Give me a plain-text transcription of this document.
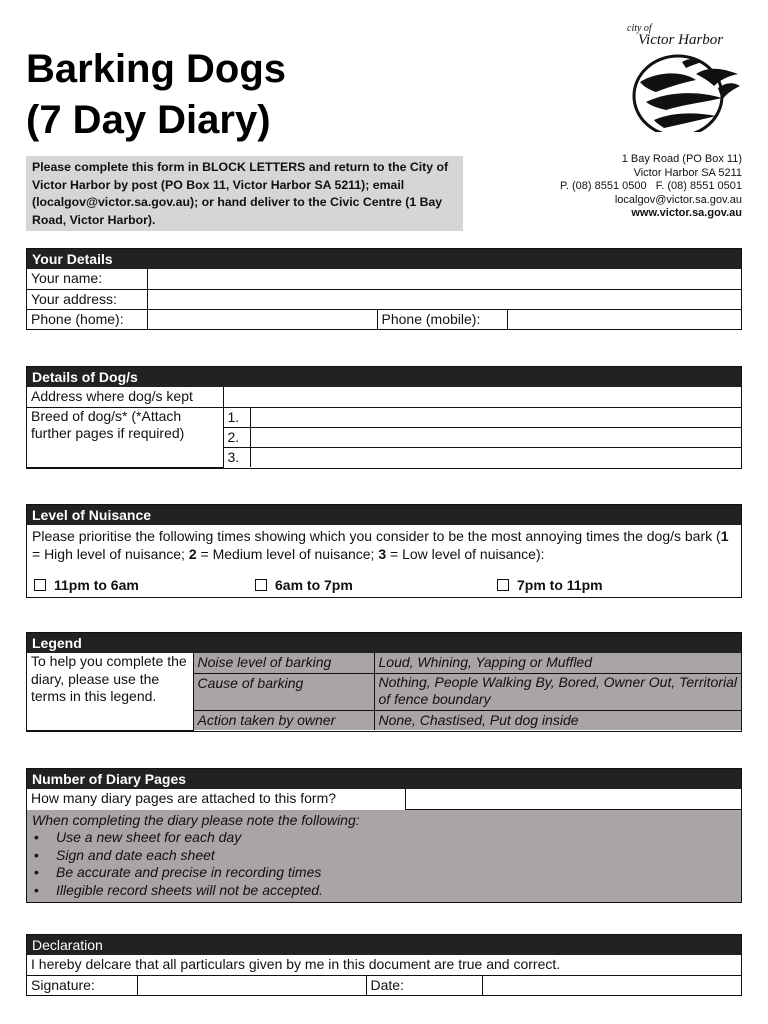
Barking Dogs
(7 Day Diary)
Please complete this form in BLOCK LETTERS and return to the City of Victor Harbor by post (PO Box 11, Victor Harbor SA 5211); email (localgov@victor.sa.gov.au); or hand deliver to the Civic Centre (1 Bay Road, Victor Harbor).
city of
Victor Harbor
1 Bay Road (PO Box 11)
Victor Harbor SA 5211
P. (08) 8551 0500   F. (08) 8551 0501
localgov@victor.sa.gov.au
www.victor.sa.gov.au
Your Details
Your name:			
Your address:			
Phone (home):		Phone (mobile):	
Details of Dog/s
Address where dog/s kept		
Breed of dog/s* (*Attach further pages if required)	1.	
	2.	
	3.	
Level of Nuisance
Please prioritise the following times showing which you consider to be the most annoying times the dog/s bark (1 = High level of nuisance; 2 = Medium level of nuisance; 3 = Low level of nuisance):
11pm to 6am	6am to 7pm	7pm to 11pm
Legend
To help you complete the diary, please use the terms in this legend.	Noise level of barking	Loud, Whining, Yapping or Muffled
	Cause of barking	Nothing, People Walking By, Bored, Owner Out, Territorial of fence boundary
	Action taken by owner	None, Chastised, Put dog inside
Number of Diary Pages
How many diary pages are attached to this form?	
When completing the diary please note the following:
• Use a new sheet for each day
• Sign and date each sheet
• Be accurate and precise in recording times
• Illegible record sheets will not be accepted.
Declaration
I hereby delcare that all particulars given by me in this document are true and correct.
Signature:		Date:	
